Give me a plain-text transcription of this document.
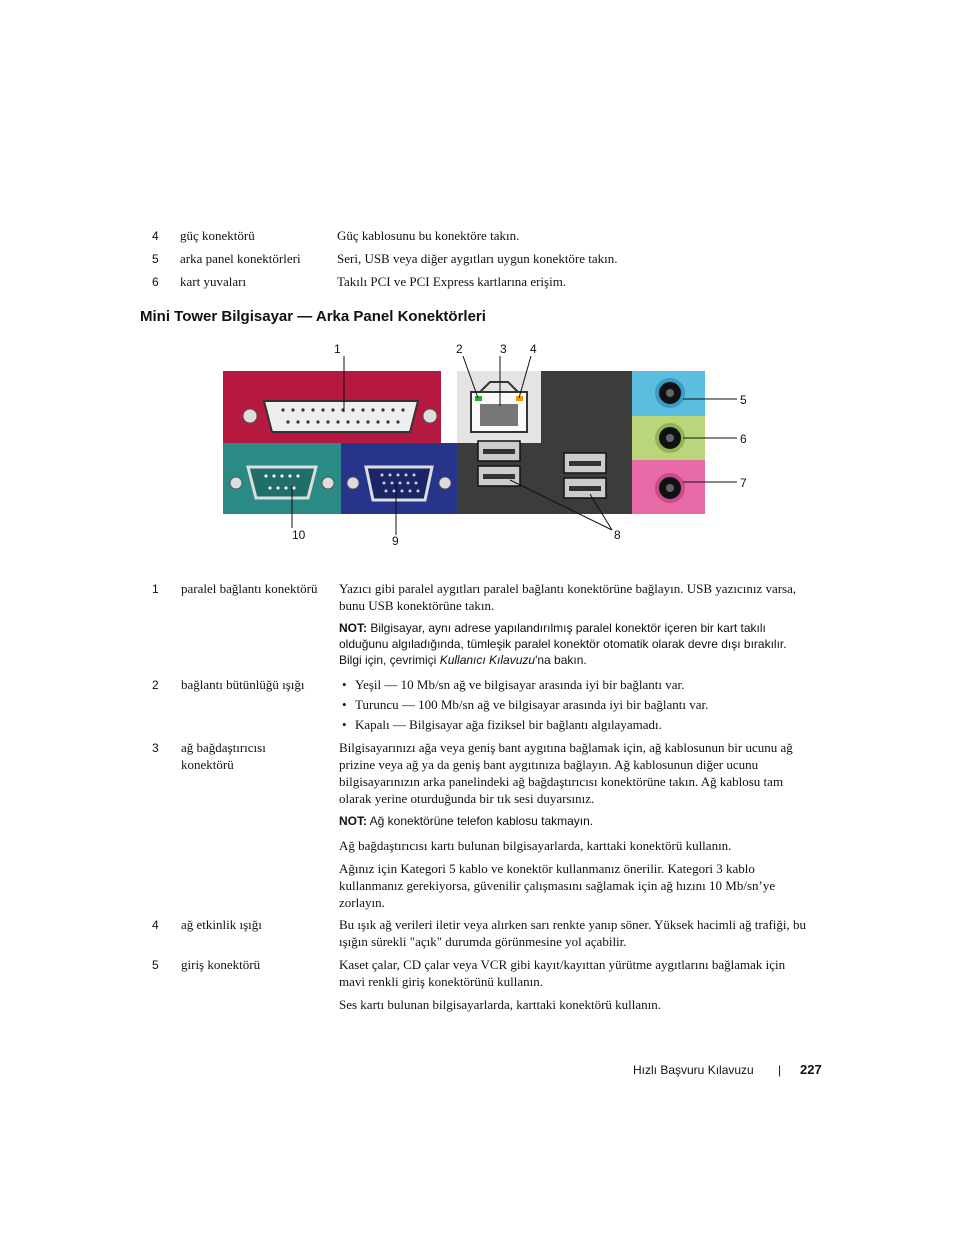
4 güç konektörü	Güç kablosunu bu konektöre takın.
5 arka panel konektörleri	Seri, USB veya diğer aygıtları uygun konektöre takın.
6 kart yuvaları	Takılı PCI ve PCI Express kartlarına erişim.
Mini Tower Bilgisayar — Arka Panel Konektörleri
1	2	3 4
5
6
7
8
9
10
1 paralel bağlantı konektörü Yazıcı gibi paralel aygıtları paralel bağlantı konektörüne bağlayın. USB yazıcınız varsa, bunu USB konektörüne takın.

NOT: Bilgisayar, aynı adrese yapılandırılmış paralel konektör içeren bir kart takılı olduğunu algıladığında, tümleşik paralel konektör otomatik olarak devre dışı bırakılır. Bilgi için, çevrimiçi Kullanıcı Kılavuzu'na bakın.
2 bağlantı bütünlüğü ışığı
•	Yeşil — 10 Mb/sn ağ ve bilgisayar arasında iyi bir bağlantı var.
• Turuncu — 100 Mb/sn ağ ve bilgisayar arasında iyi bir bağlantı var.
• Kapalı — Bilgisayar ağa fiziksel bir bağlantı algılayamadı.
3 ağ bağdaştırıcısı
konektörü

Bilgisayarınızı ağa veya geniş bant aygıtına bağlamak için, ağ kablosunun bir ucunu ağ prizine veya ağ ya da geniş bant aygıtınıza bağlayın. Ağ kablosunun diğer ucunu bilgisayarınızın arka panelindeki ağ bağdaştırıcısı konektörüne takın. Ağ kablosu tam olarak yerine oturduğunda bir tık sesi duyarsınız.

NOT: Ağ konektörüne telefon kablosu takmayın.

Ağ bağdaştırıcısı kartı bulunan bilgisayarlarda, karttaki konektörü kullanın.

Ağınız için Kategori 5 kablo ve konektör kullanmanız önerilir. Kategori 3 kablo kullanmanız gerekiyorsa, güvenilir çalışmasını sağlamak için ağ hızını 10 Mb/sn’ye zorlayın.

4 ağ etkinlik ışığı	Bu ışık ağ verileri iletir veya alırken sarı renkte yanıp söner. Yüksek hacimli ağ trafiği, bu ışığın sürekli "açık" durumda görünmesine yol açabilir.

5 giriş konektörü	Kaset çalar, CD çalar veya VCR gibi kayıt/kayıttan yürütme aygıtlarını bağlamak için mavi renkli giriş konektörünü kullanın.

Ses kartı bulunan bilgisayarlarda, karttaki konektörü kullanın.

Hızlı Başvuru Kılavuzu | 227
